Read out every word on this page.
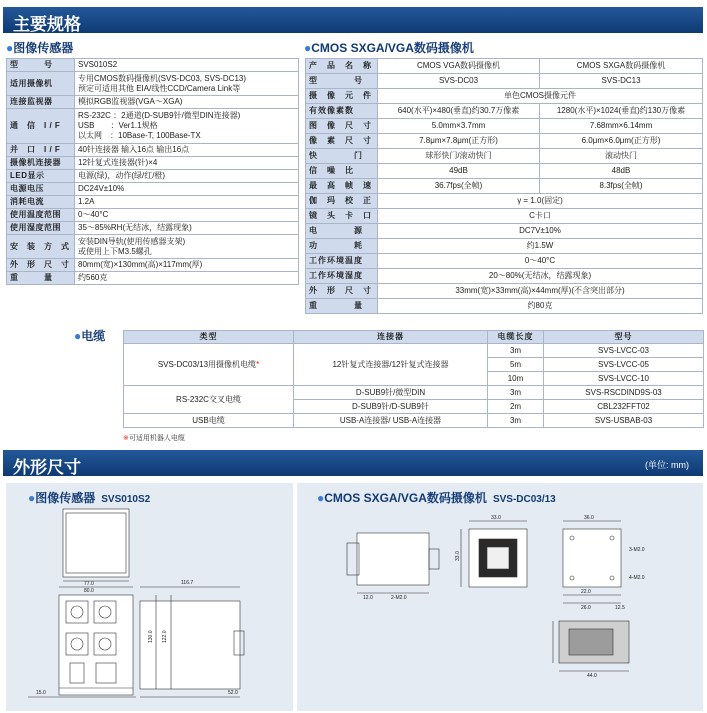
主要规格
●图像传感器
型　　　号	SVS010S2

适用摄像机	专用CMOS数码摄像机(SVS-DC03, SVS-DC13)
预定可适用其他 EIA/线性CCD/Camera Link等

连接监视器	模拟RGB监视器(VGA～XGA)

通　信　I / F	RS-232C ：2通道(D-SUB9针/微型DIN连接器)
USB　　：Ver1.1规格
以太网　：10Base-T, 100Base-TX

并　口　I / F	40针连接器 输入16点 输出16点

摄像机连接器	12针复式连接器(针)×4

LED显示	电源(绿)，动作(绿/红/橙)

电源电压	DC24V±10%

消耗电流	1.2A

使用温度范围	0～40°C

使用湿度范围	35～85%RH(无结冰，结露现象)

安　装　方　式	安装DIN导轨(使用传感器支架)
或使用上下M3.5螺孔

外　形　尺　寸	80mm(宽)×130mm(高)×117mm(厚)

重　　　量	约560克
●CMOS SXGA/VGA数码摄像机
产　品　名　称	CMOS VGA数码摄像机	CMOS SXGA数码摄像机
型　　　　号	SVS-DC03	SVS-DC13
摄　像　元　件	单色CMOS摄像元件	
有效像素数	640(水平)×480(垂直)约30.7万像素	1280(水平)×1024(垂直)约130万像素
图　像　尺　寸	5.0mm×3.7mm	7.68mm×6.14mm
像　素　尺　寸	7.8μm×7.8μm(正方形)	6.0μm×6.0μm(正方形)
快　　　　门	球形快门/滚动快门	滚动快门
信　噪　比	49dB	48dB
最　高　帧　速	36.7fps(全帧)	8.3fps(全帧)
伽　玛　校　正	γ = 1.0(固定)	
镜　头　卡　口	C卡口	
电　　　　源	DC7V±10%	
功　　　　耗	约1.5W	
工作环境温度	0～40°C	
工作环境湿度	20～80%(无结冰，结露现象)	
外　形　尺　寸	33mm(宽)×33mm(高)×44mm(厚)(不含突出部分)	
重　　　　量	约80克	
●电缆	类型	连接器	电缆长度	型号
SVS-DC03/13用摄像机电缆*	12针复式连接器/12针复式连接器	3m	SVS-LVCC-03
		5m	SVS-LVCC-05
		10m	SVS-LVCC-10
RS-232C交叉电缆	D-SUB9针/微型DIN	3m	SVS-RSCDIND9S-03
	D-SUB9针/D-SUB9针	2m	CBL232FFT02
USB电缆	USB-A连接器/ USB-A连接器	3m	SVS-USBAB-03
※可适用机器人电缆
外形尺寸	(单位: mm)
●图像传感器 SVS010S2
77.0
80.0
116.7
130.0 122.0
15.0	52.0
●CMOS SXGA/VGA数码摄像机 SVS-DC03/13
33.0
33.0
36.0
12.0
22.0
26.0	12.5
44.0
3-M2.0
4-M2.0
2-M2.0
